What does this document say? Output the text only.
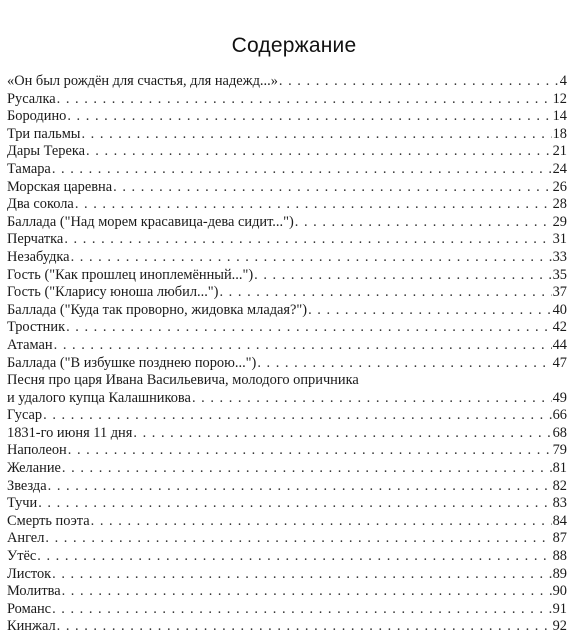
Содержание
«Он был рождён для счастья, для надежд...» . . .	4
Русалка . . .	12
Бородино . . .	14
Три пальмы . . .	18
Дары Терека . . .	21
Тамара . . .	24
Морская царевна . . .	26
Два сокола . . .	28
Баллада ("Над морем красавица-дева сидит...") . . .	29
Перчатка . . .	31
Незабудка . . .	33
Гость ("Как прошлец иноплемённый...") . . .	35
Гость ("Кларису юноша любил...") . . .	37
Баллада ("Куда так проворно, жидовка младая?") . . .	40
Тростник . . .	42
Атаман . . .	44
Баллада ("В избушке позднею порою...") . . .	47
Песня про царя Ивана Васильевича, молодого опричника
и удалого купца Калашникова . . .	49
Гусар . . .	66
1831-го июня 11 дня . . .	68
Наполеон . . .	79
Желание . . .	81
Звезда . . .	82
Тучи . . .	83
Смерть поэта . . .	84
Ангел . . .	87
Утёс . . .	88
Листок . . .	89
Молитва . . .	90
Романс . . .	91
Кинжал . . .	92
